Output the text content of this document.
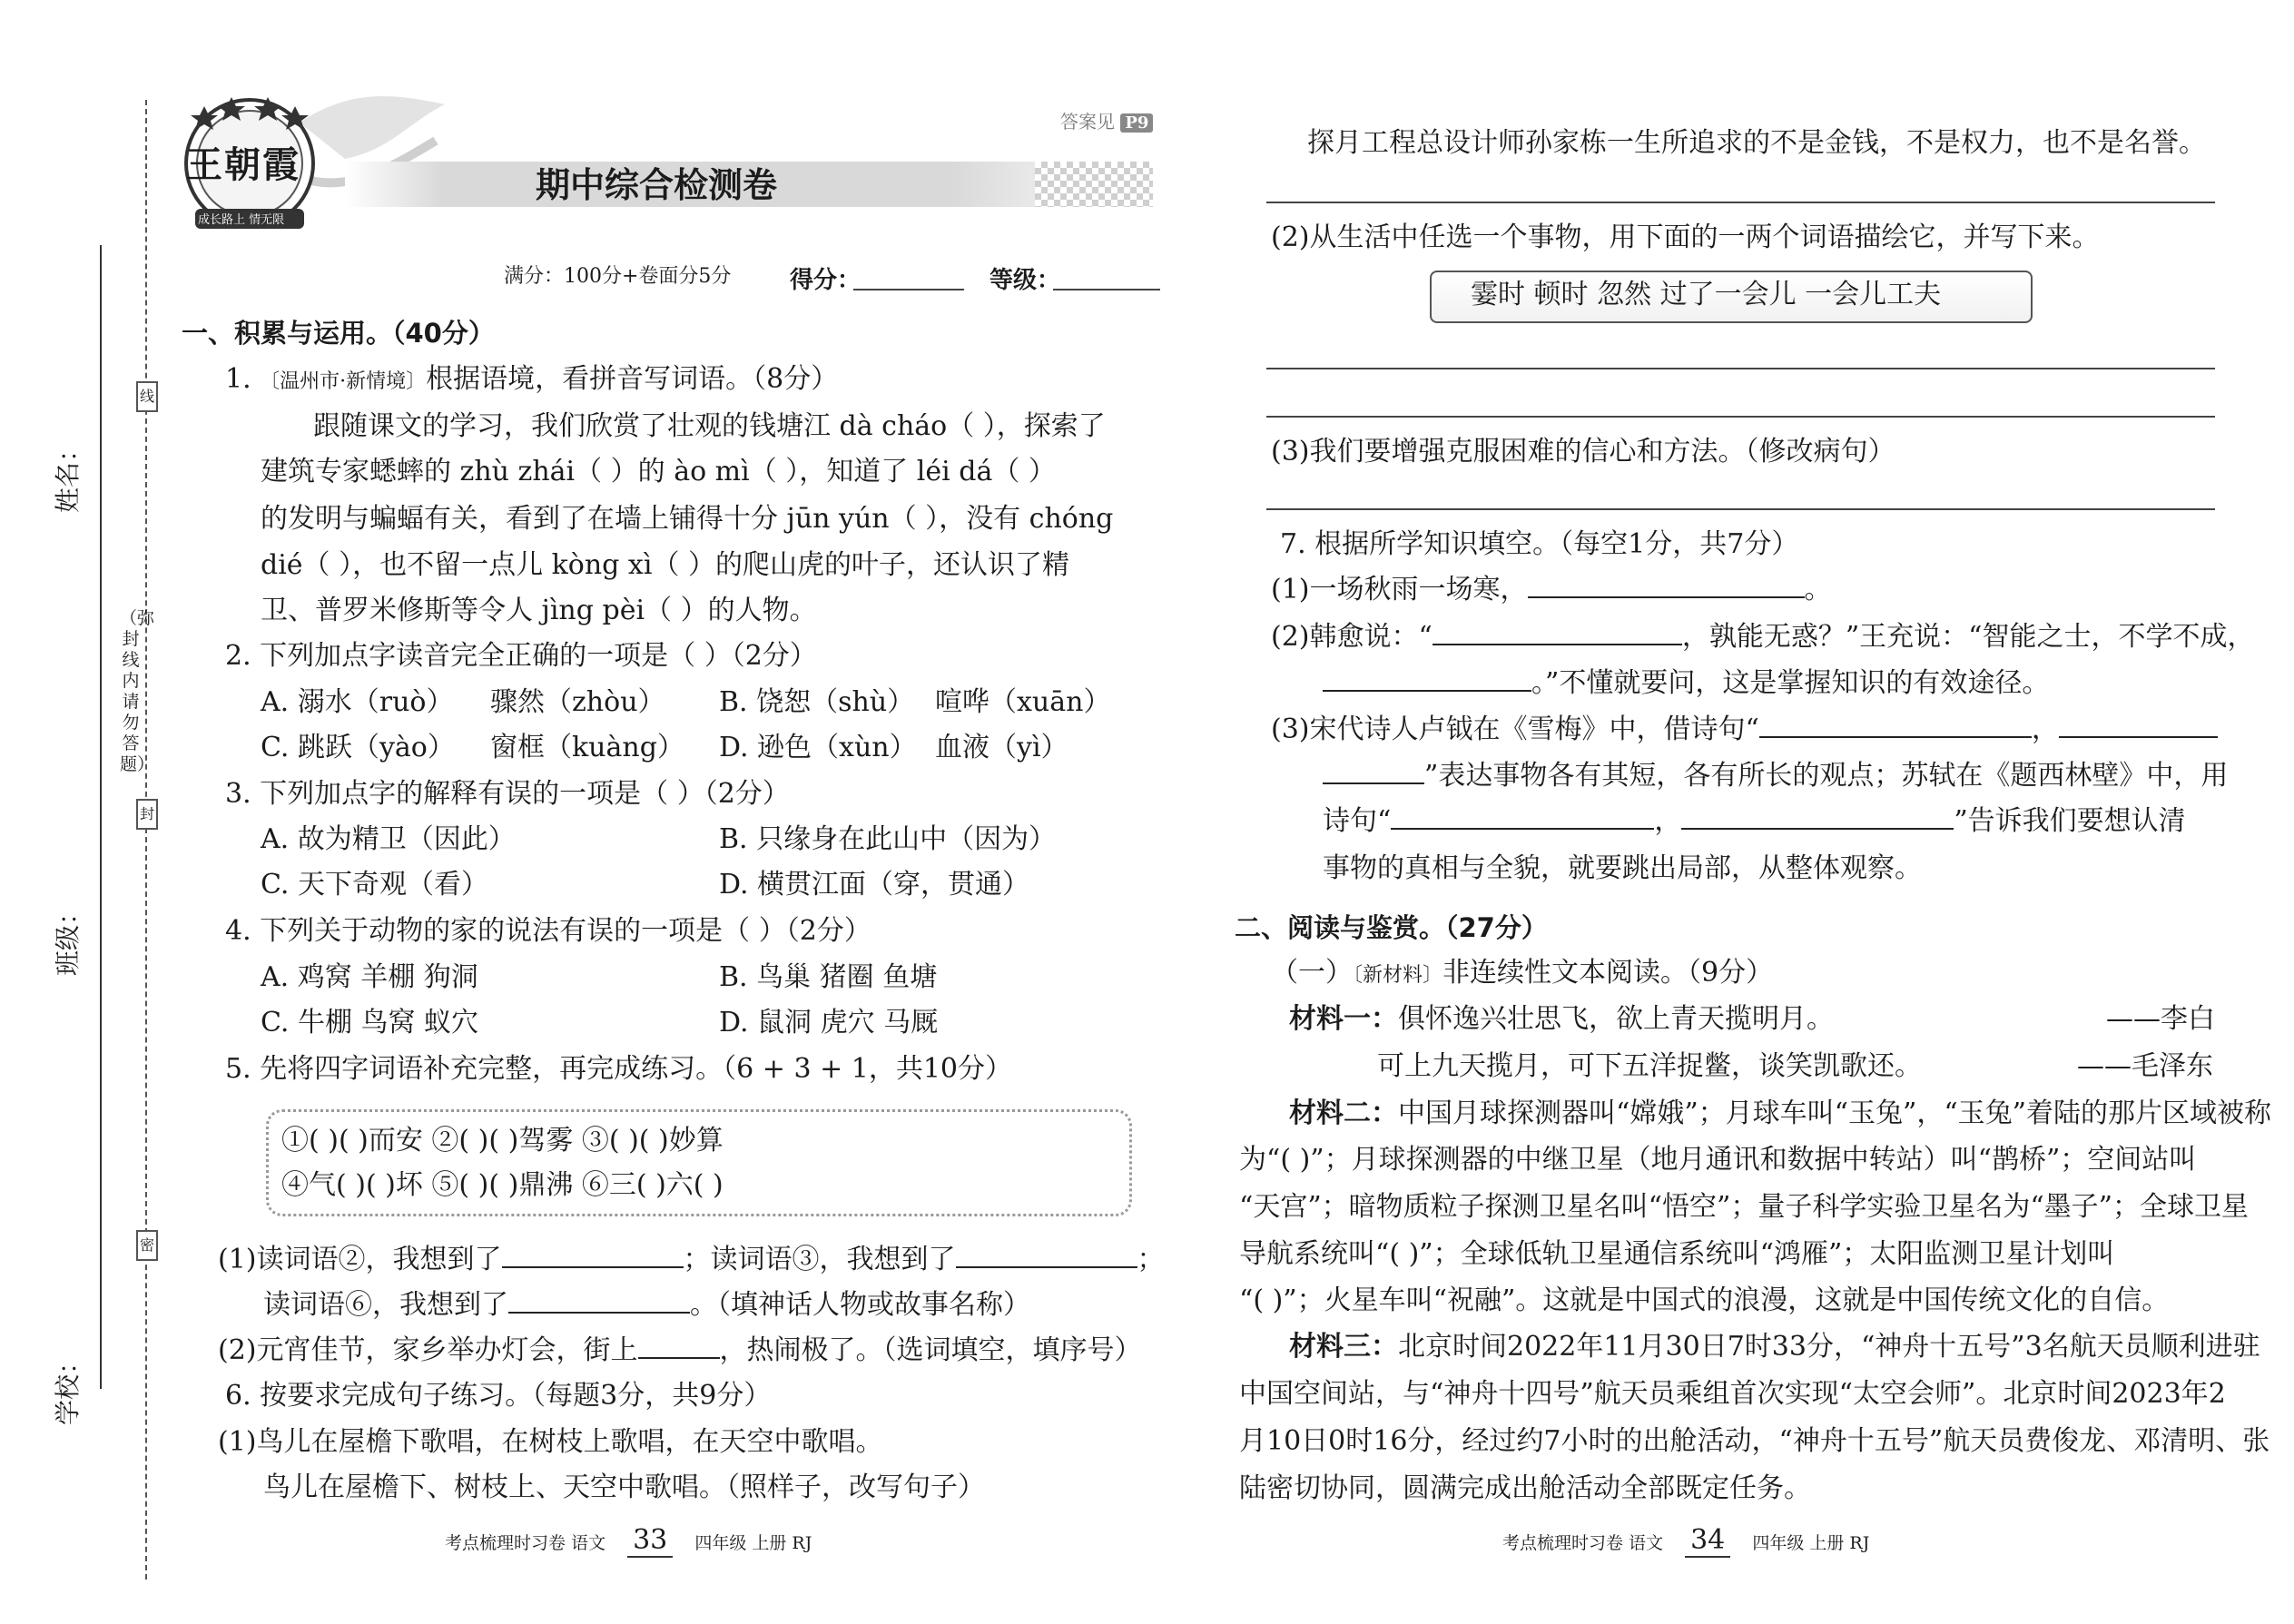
线
封
密
姓名：
班级：
学校：
（弥封线内请勿答题）
王朝霞
成长路上 情无限
答案见 P9
期中综合检测卷
满分：100分+卷面分5分 得分：	等级：
一、积累与运用。（40分）
1. 〔温州市·新情境〕根据语境，看拼音写词语。（8分）
跟随课文的学习，我们欣赏了壮观的钱塘江 dà cháo（ ），探索了
建筑专家蟋蟀的 zhù zhái（ ）的 ào mì（ ），知道了 léi dá（ ）
的发明与蝙蝠有关，看到了在墙上铺得十分 jūn yún（ ），没有 chóng
dié（ ），也不留一点儿 kòng xì（ ）的爬山虎的叶子，还认识了精
卫、普罗米修斯等令人 jìng pèi（ ）的人物。
2. 下列加点字读音完全正确的一项是（ ）（2分）
A. 溺水（ruò） 骤然（zhòu） B. 饶恕（shù） 喧哗（xuān）
C. 跳跃（yào） 窗框（kuàng） D. 逊色（xùn） 血液（yì）
3. 下列加点字的解释有误的一项是（ ）（2分）
A. 故为精卫（因此）	B. 只缘身在此山中（因为）
C. 天下奇观（看）	D. 横贯江面（穿，贯通）
4. 下列关于动物的家的说法有误的一项是（ ）（2分）
A. 鸡窝 羊棚 狗洞	B. 鸟巢 猪圈 鱼塘
C. 牛棚 鸟窝 蚁穴	D. 鼠洞 虎穴 马厩
5. 先将四字词语补充完整，再完成练习。（6 + 3 + 1，共10分）
①( )( )而安 ②( )( )驾雾 ③( )( )妙算
④气( )( )坏 ⑤( )( )鼎沸 ⑥三( )六( )
(1)读词语②，我想到了	；读词语③，我想到了	；
读词语⑥，我想到了	。（填神话人物或故事名称）
(2)元宵佳节，家乡举办灯会，街上	，热闹极了。（选词填空，填序号）
6. 按要求完成句子练习。（每题3分，共9分）
(1)鸟儿在屋檐下歌唱，在树枝上歌唱，在天空中歌唱。
鸟儿在屋檐下、树枝上、天空中歌唱。（照样子，改写句子）
考点梳理时习卷 语文 33 四年级 上册 RJ
探月工程总设计师孙家栋一生所追求的不是金钱，不是权力，也不是名誉。
(2)从生活中任选一个事物，用下面的一两个词语描绘它，并写下来。
霎时 顿时 忽然 过了一会儿 一会儿工夫
(3)我们要增强克服困难的信心和方法。（修改病句）
7. 根据所学知识填空。（每空1分，共7分）
(1)一场秋雨一场寒，	。
(2)韩愈说：“	，孰能无惑？”王充说：“智能之士，不学不成，
。”不懂就要问，这是掌握知识的有效途径。
(3)宋代诗人卢钺在《雪梅》中，借诗句“	，
”表达事物各有其短，各有所长的观点；苏轼在《题西林壁》中，用
诗句“	，	”告诉我们要想认清
事物的真相与全貌，就要跳出局部，从整体观察。
二、阅读与鉴赏。（27分）
（一）〔新材料〕非连续性文本阅读。（9分）
材料一：俱怀逸兴壮思飞，欲上青天揽明月。	——李白
可上九天揽月，可下五洋捉鳖，谈笑凯歌还。	——毛泽东
材料二：中国月球探测器叫“嫦娥”；月球车叫“玉兔”，“玉兔”着陆的那片区域被称
为“( )”；月球探测器的中继卫星（地月通讯和数据中转站）叫“鹊桥”；空间站叫
“天宫”；暗物质粒子探测卫星名叫“悟空”；量子科学实验卫星名为“墨子”；全球卫星
导航系统叫“( )”；全球低轨卫星通信系统叫“鸿雁”；太阳监测卫星计划叫
“( )”；火星车叫“祝融”。这就是中国式的浪漫，这就是中国传统文化的自信。
材料三：北京时间2022年11月30日7时33分，“神舟十五号”3名航天员顺利进驻
中国空间站，与“神舟十四号”航天员乘组首次实现“太空会师”。北京时间2023年2
月10日0时16分，经过约7小时的出舱活动，“神舟十五号”航天员费俊龙、邓清明、张
陆密切协同，圆满完成出舱活动全部既定任务。
考点梳理时习卷 语文 34 四年级 上册 RJ
